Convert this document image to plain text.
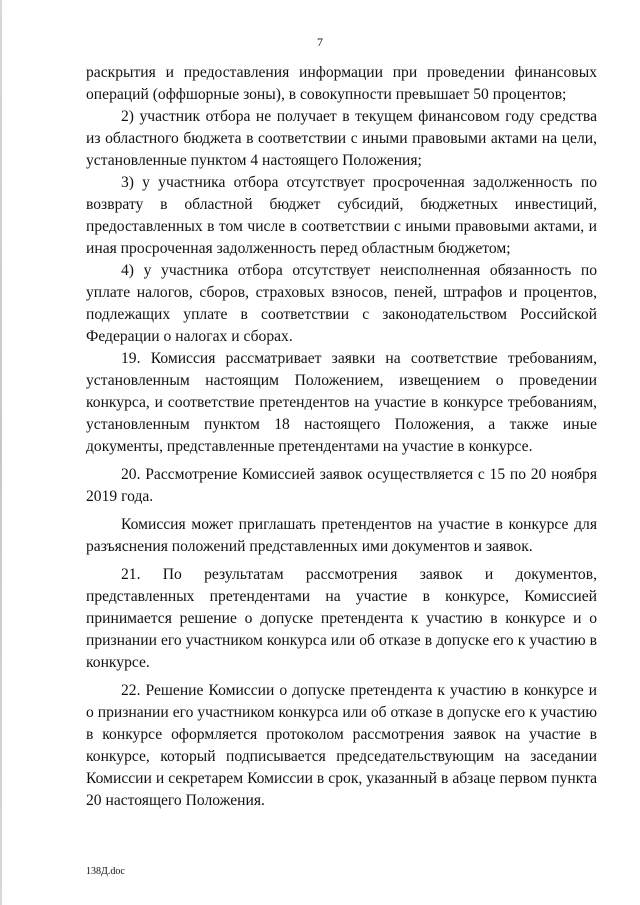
7

раскрытия и предоставления информации при проведении финансовых операций (оффшорные зоны), в совокупности превышает 50 процентов;

2) участник отбора не получает в текущем финансовом году средства из областного бюджета в соответствии с иными правовыми актами на цели, установленные пунктом 4 настоящего Положения;

3) у участника отбора отсутствует просроченная задолженность по возврату в областной бюджет субсидий, бюджетных инвестиций, предоставленных в том числе в соответствии с иными правовыми актами, и иная просроченная задолженность перед областным бюджетом;

4) у участника отбора отсутствует неисполненная обязанность по уплате налогов, сборов, страховых взносов, пеней, штрафов и процентов, подлежащих уплате в соответствии с законодательством Российской Федерации о налогах и сборах.

19. Комиссия рассматривает заявки на соответствие требованиям, установленным настоящим Положением, извещением о проведении конкурса, и соответствие претендентов на участие в конкурсе требованиям, установленным пунктом 18 настоящего Положения, а также иные документы, представленные претендентами на участие в конкурсе.

20. Рассмотрение Комиссией заявок осуществляется с 15 по 20 ноября 2019 года.

Комиссия может приглашать претендентов на участие в конкурсе для разъяснения положений представленных ими документов и заявок.

21. По результатам рассмотрения заявок и документов, представленных претендентами на участие в конкурсе, Комиссией принимается решение о допуске претендента к участию в конкурсе и о признании его участником конкурса или об отказе в допуске его к участию в конкурсе.

22. Решение Комиссии о допуске претендента к участию в конкурсе и о признании его участником конкурса или об отказе в допуске его к участию в конкурсе оформляется протоколом рассмотрения заявок на участие в конкурсе, который подписывается председательствующим на заседании Комиссии и секретарем Комиссии в срок, указанный в абзаце первом пункта 20 настоящего Положения.

138Д.doc
